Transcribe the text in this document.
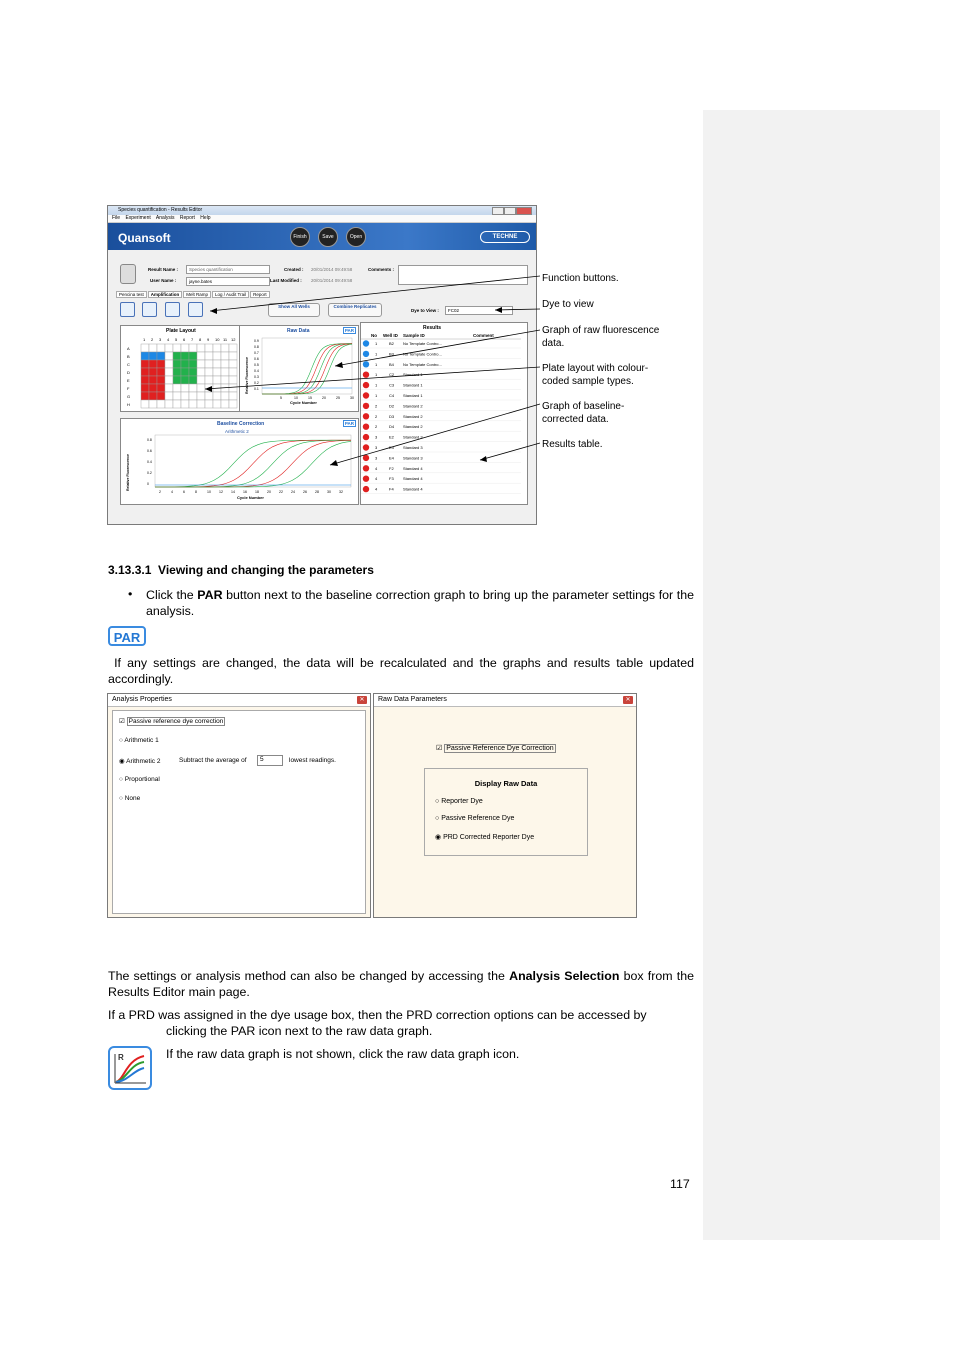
Species quantification - Results Editor
File Experiment Analysis Report Help
Quansoft	Finish	Save	Open	TECHNE
Result Name :	Species quantification
User Name :	jayne.bates
Created : 20/01/2014 09:49:58
Last Modified : 20/01/2014 09:49:58
Comments :
Pencina test Amplification Melt Ramp Log / Audit Trail Report
Show All Wells	Combine Replicates
Dye to View :	FC02
Plate Layout
1 2 3 4 5 6 7 8 9 10 11 12
A
B
C
D
E
F
G
H
Raw Data	PAR
0.9
0.8
0.7
0.6
0.5
0.4
0.3
0.2
0.1
5	10	15	20	25	30
Cycle Number
Relative Fluorescence
Baseline Correction
Arithmetic 2
PAR
0.8
0.6
0.4
0.2
0
2	4	6	8	10 12 14 16 18 20 22 24 26 28 30 32
Cycle Number
Relative Fluorescence
Results
No Well ID Sample ID	Comment
1	B2 No Template Contro...
1	B3 No Template Contro...
1	B4 No Template Contro...
1	C2 Standard 1
1	C3 Standard 1
1	C4 Standard 1
2	D2 Standard 2
2	D3 Standard 2
2	D4 Standard 2
3	E2 Standard 3
3	E3 Standard 3
3	E4 Standard 3
4	F2 Standard 4
4	F3 Standard 4
4	F4 Standard 4
Function buttons.
Dye to view
Graph of raw fluorescence
data.
Plate layout with colour-
coded sample types.
Graph of baseline-
corrected data.
Results table.
3.13.3.1  Viewing and changing the parameters
• Click the PAR button next to the baseline correction graph to bring up the parameter settings for the analysis.
PAR
If any settings are changed, the data will be recalculated and the graphs and results table updated accordingly.
Analysis Properties	✕
☑ Passive reference dye correction
○ Arithmetic 1
◉ Arithmetic 2	Subtract the average of	5	lowest readings.
○ Proportional
○ None
Raw Data Parameters	✕
☑ Passive Reference Dye Correction
Display Raw Data
○ Reporter Dye
○ Passive Reference Dye
◉ PRD Corrected Reporter Dye
The settings or analysis method can also be changed by accessing the Analysis Selection box from the Results Editor main page.
If a PRD was assigned in the dye usage box, then the PRD correction options can be accessed by
clicking the PAR icon next to the raw data graph.
R	If the raw data graph is not shown, click the raw data graph icon.
117
